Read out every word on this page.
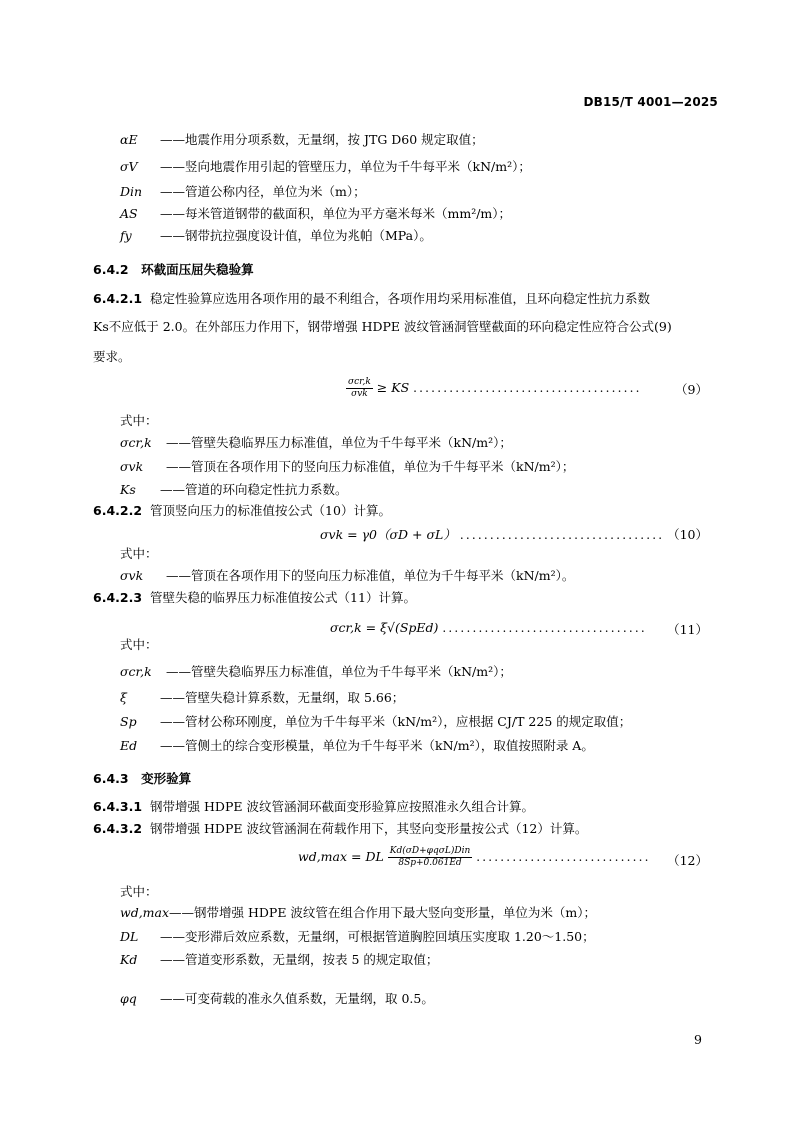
DB15/T 4001—2025
αE ——地震作用分项系数，无量纲，按 JTG D60 规定取值；
σV ——竖向地震作用引起的管壁压力，单位为千牛每平米（kN/m²）；
Din ——管道公称内径，单位为米（m）；
AS ——每米管道钢带的截面积，单位为平方毫米每米（mm²/m）；
fy ——钢带抗拉强度设计值，单位为兆帕（MPa）。
6.4.2　环截面压屈失稳验算
6.4.2.1 稳定性验算应选用各项作用的最不利组合，各项作用均采用标准值，且环向稳定性抗力系数
Ks不应低于 2.0。在外部压力作用下，钢带增强 HDPE 波纹管涵洞管壁截面的环向稳定性应符合公式(9)
要求。
$\frac{\text{σcr,k}}{\text{σvk}}$ ≥ KS ......................................	（9）
式中：
σcr,k ——管壁失稳临界压力标准值，单位为千牛每平米（kN/m²）；
σvk ——管顶在各项作用下的竖向压力标准值，单位为千牛每平米（kN/m²）；
Ks ——管道的环向稳定性抗力系数。
6.4.2.2 管顶竖向压力的标准值按公式（10）计算。
σvk = γ0（σD + σL） .................................. （10）
式中：
σvk ——管顶在各项作用下的竖向压力标准值，单位为千牛每平米（kN/m²）。
6.4.2.3 管壁失稳的临界压力标准值按公式（11）计算。
σcr,k = ξ√(SpEd) .................................. （11）
式中：
σcr,k ——管壁失稳临界压力标准值，单位为千牛每平米（kN/m²）；
ξ	——管壁失稳计算系数，无量纲，取 5.66；
Sp ——管材公称环刚度，单位为千牛每平米（kN/m²），应根据 CJ/T 225 的规定取值；
Ed ——管侧土的综合变形模量，单位为千牛每平米（kN/m²），取值按照附录 A。
6.4.3　变形验算
6.4.3.1 钢带增强 HDPE 波纹管涵洞环截面变形验算应按照准永久组合计算。
6.4.3.2 钢带增强 HDPE 波纹管涵洞在荷载作用下，其竖向变形量按公式（12）计算。
wd,max = DL $\frac{\text{Kd(σD+φqσL)Din}}{8Sp+0.061Ed}$ ............................. （12）
式中：
wd,max——钢带增强 HDPE 波纹管在组合作用下最大竖向变形量，单位为米（m）；
DL ——变形滞后效应系数，无量纲，可根据管道胸腔回填压实度取 1.20～1.50；
Kd ——管道变形系数，无量纲，按表 5 的规定取值；
φq ——可变荷载的准永久值系数，无量纲，取 0.5。
9
